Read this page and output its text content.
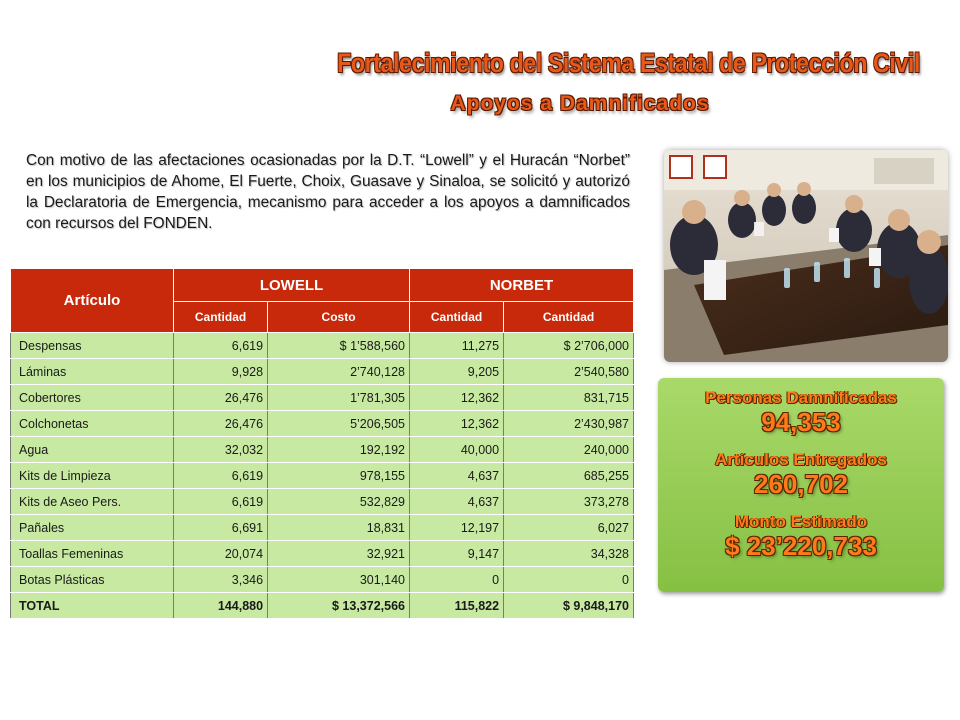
Fortalecimiento del Sistema Estatal de Protección Civil
Apoyos a Damnificados
Con motivo de las afectaciones ocasionadas por la D.T. “Lowell” y el Huracán “Norbet” en los municipios de Ahome, El Fuerte, Choix, Guasave y Sinaloa, se solicitó y autorizó la Declaratoria de Emergencia, mecanismo para acceder a los apoyos a damnificados con recursos del FONDEN.
Artículo	LOWELL		NORBET	
	Cantidad	Costo	Cantidad	Cantidad
Despensas	6,619	$ 1’588,560	11,275	$ 2’706,000
Láminas	9,928	2’740,128	9,205	2’540,580
Cobertores	26,476	1’781,305	12,362	831,715
Colchonetas	26,476	5’206,505	12,362	2’430,987
Agua	32,032	192,192	40,000	240,000
Kits de Limpieza	6,619	978,155	4,637	685,255
Kits de Aseo Pers.	6,619	532,829	4,637	373,278
Pañales	6,691	18,831	12,197	6,027
Toallas Femeninas	20,074	32,921	9,147	34,328
Botas Plásticas	3,346	301,140	0	0
TOTAL	144,880	$ 13,372,566	115,822	$ 9,848,170
Personas Damnificadas
94,353
Artículos Entregados
260,702
Monto Estimado
$ 23’220,733
